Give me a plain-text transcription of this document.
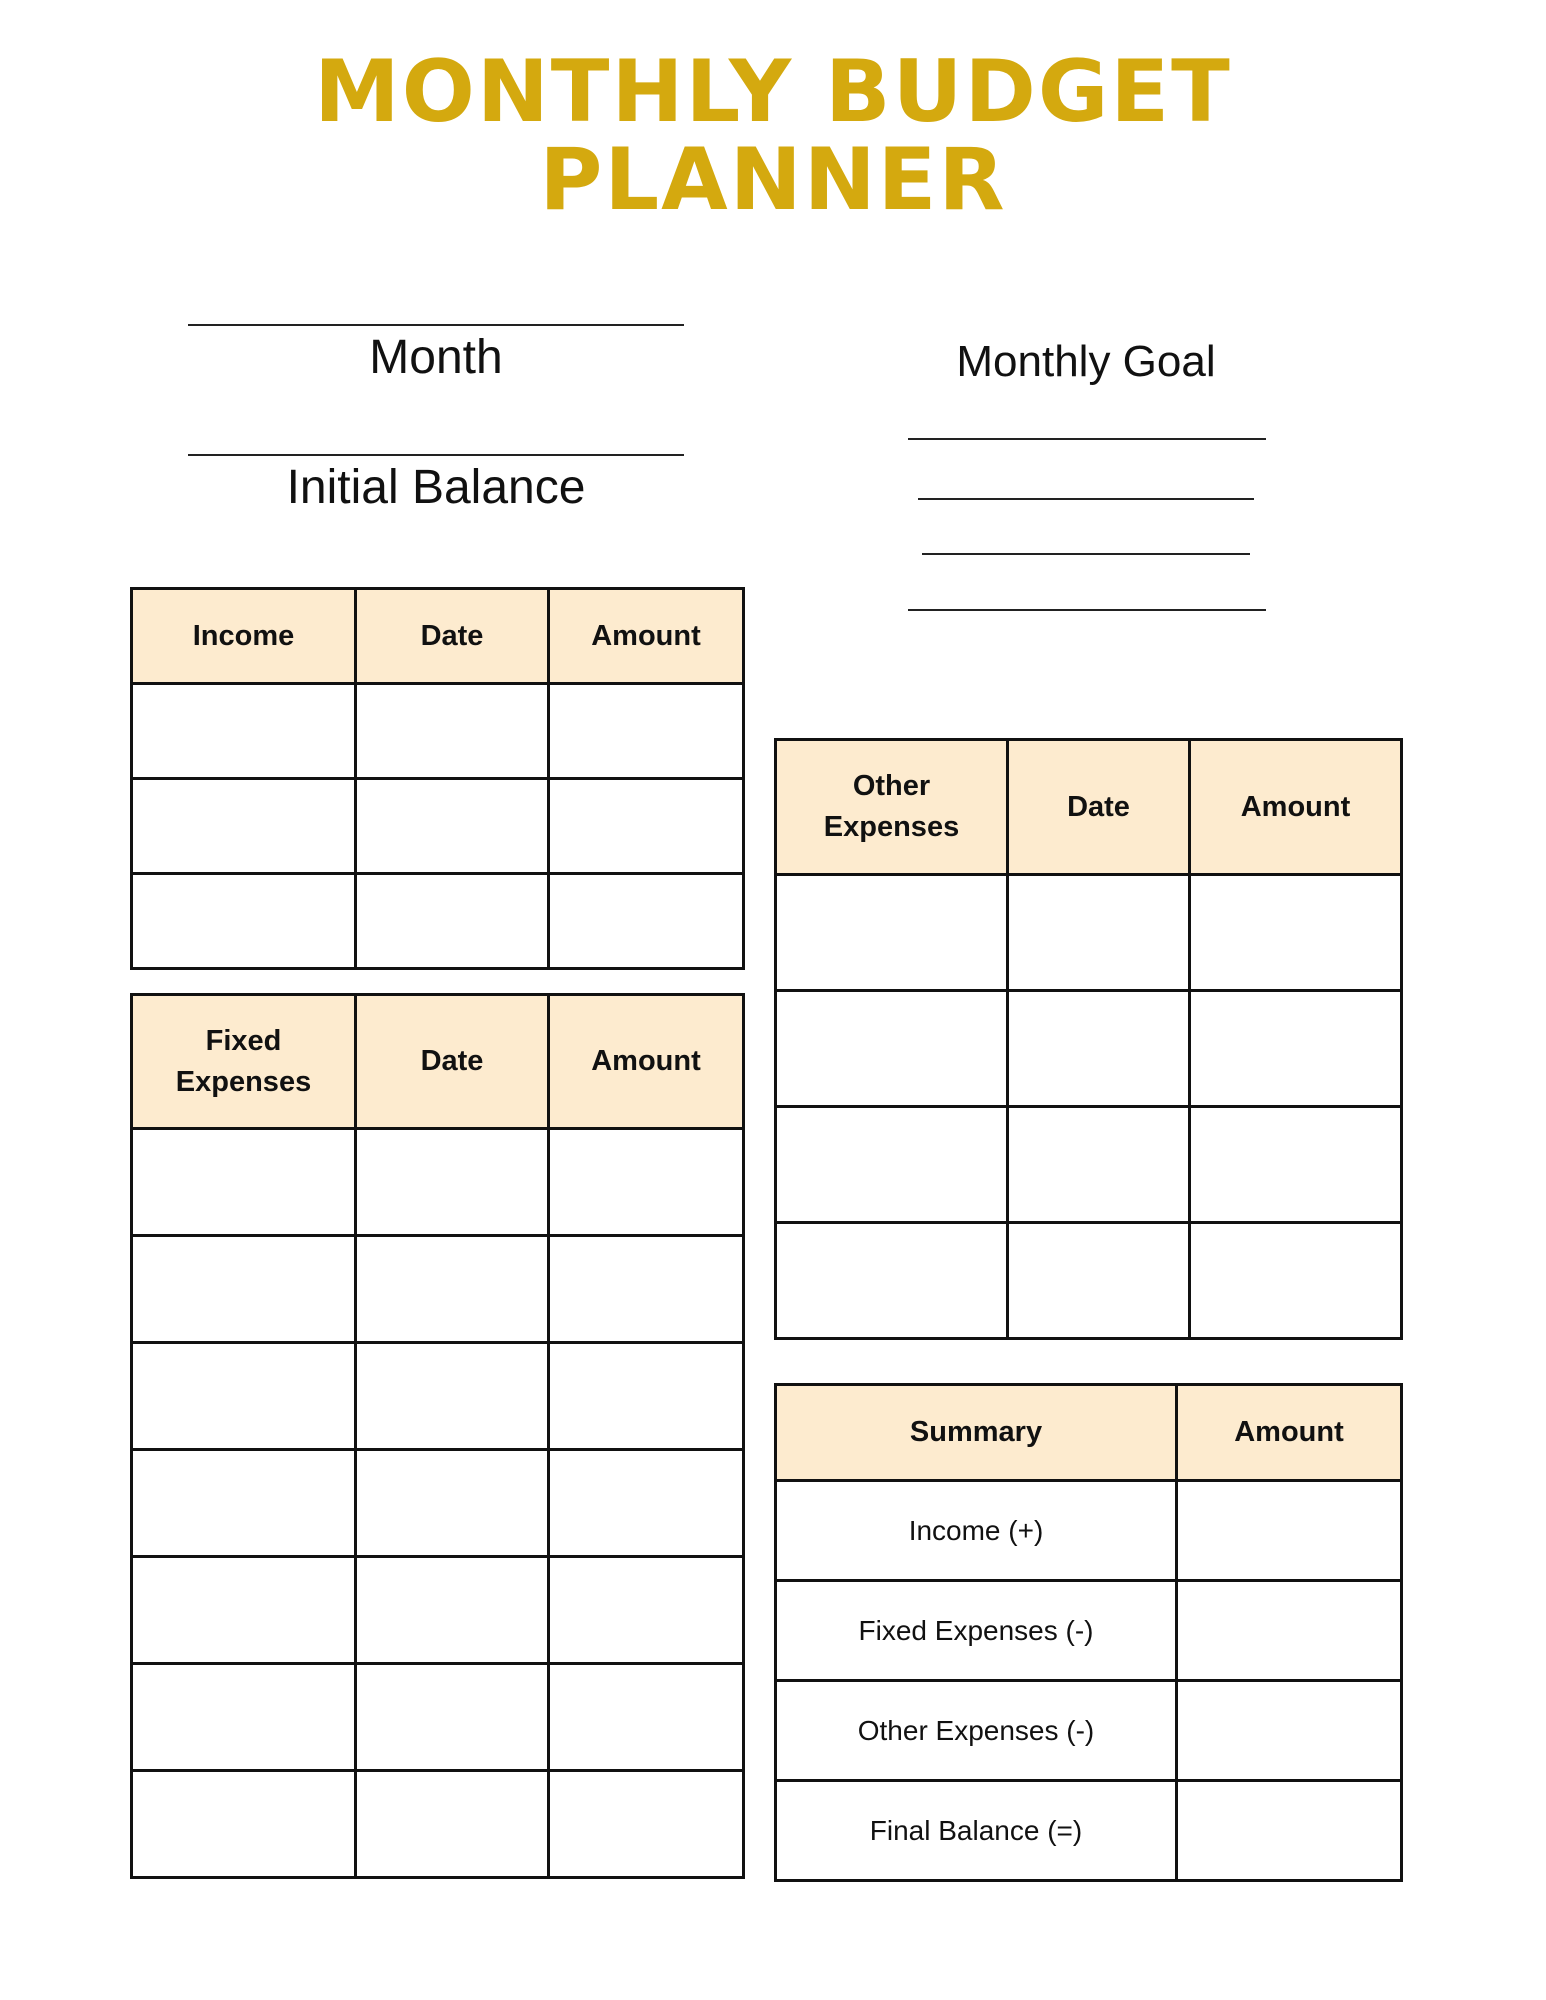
MONTHLY BUDGET
PLANNER
Month
Initial Balance
Monthly Goal
Income	Date	Amount

Fixed
Expenses	Date	Amount

Other
Expenses	Date	Amount

Summary	Amount
Income (+)	
Fixed Expenses (-)	
Other Expenses (-)	
Final Balance (=)	
